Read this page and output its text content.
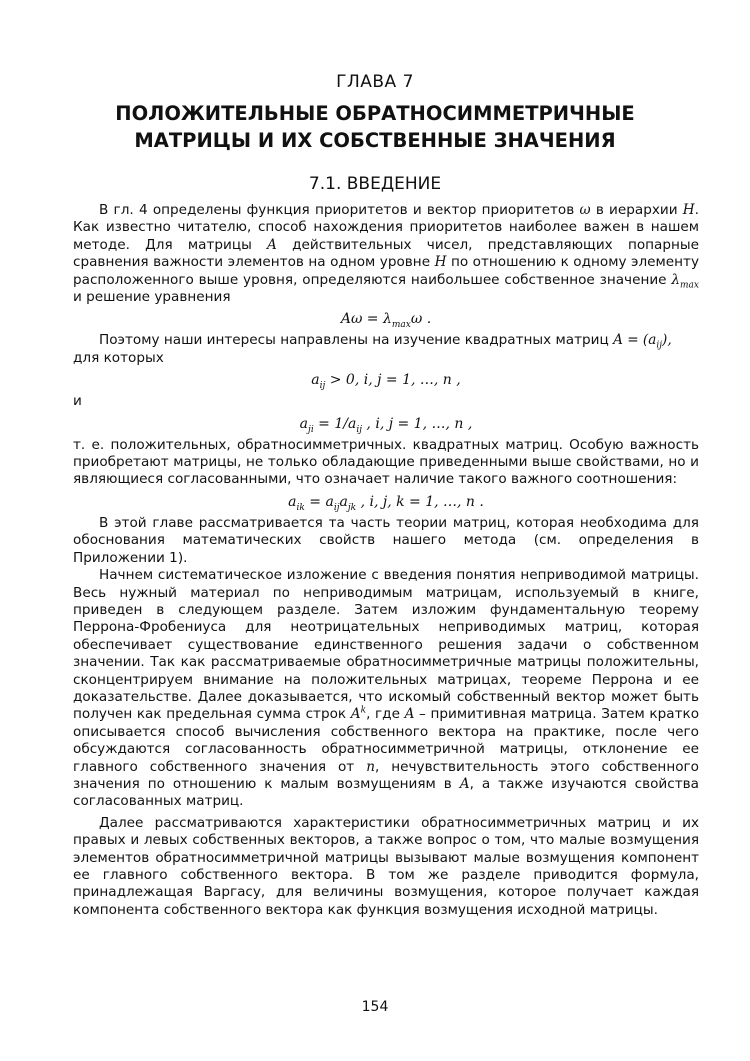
ГЛАВА 7
ПОЛОЖИТЕЛЬНЫЕ ОБРАТНОСИММЕТРИЧНЫЕ
МАТРИЦЫ И ИХ СОБСТВЕННЫЕ ЗНАЧЕНИЯ
7.1. ВВЕДЕНИЕ

В гл. 4 определены функция приоритетов и вектор приоритетов ω в иерархии H. Как известно читателю, способ нахождения приоритетов наиболее важен в нашем методе. Для матрицы A действительных чисел, представляющих попарные сравнения важности элементов на одном уровне H по отношению к одному элементу расположенного выше уровня, определяются наибольшее собственное значение $\lambda_{max}$ и решение уравнения

$A\omega = \lambda_{max}\omega$ .

Поэтому наши интересы направлены на изучение квадратных матриц $A = (a_{ij})$,
для которых

$a_{ij} > 0$, i, j = 1, …, n ,

и

$a_{ji} = 1/a_{ij}$ , i, j = 1, …, n ,

т. е. положительных, обратносимметричных. квадратных матриц. Особую важность приобретают матрицы, не только обладающие приведенными выше свойствами, но и являющиеся согласованными, что означает наличие такого важного соотношения:

$a_{ik} = a_{ij}a_{jk}$ , i, j, k = 1, …, n .

В этой главе рассматривается та часть теории матриц, которая необходима для обоснования математических свойств нашего метода (см. определения в Приложении 1).

Начнем систематическое изложение с введения понятия неприводимой матрицы. Весь нужный материал по неприводимым матрицам, используемый в книге, приведен в следующем разделе. Затем изложим фундаментальную теорему Перрона-Фробениуса для неотрицательных неприводимых матриц, которая обеспечивает существование единственного решения задачи о собственном значении. Так как рассматриваемые обратносимметричные матрицы положительны, сконцентрируем внимание на положительных матрицах, теореме Перрона и ее доказательстве. Далее доказывается, что искомый собственный вектор может быть получен как предельная сумма строк $A^k$, где A – примитивная матрица. Затем кратко описывается способ вычисления собственного вектора на практике, после чего обсуждаются согласованность обратносимметричной матрицы, отклонение ее главного собственного значения от n, нечувствительность этого собственного значения по отношению к малым возмущениям в A, а также изучаются свойства согласованных матриц.

Далее рассматриваются характеристики обратносимметричных матриц и их правых и левых собственных векторов, а также вопрос о том, что малые возмущения элементов обратносимметричной матрицы вызывают малые возмущения компонент ее главного собственного вектора. В том же разделе приводится формула, принадлежащая Варгасу, для величины возмущения, которое получает каждая компонента собственного вектора как функция возмущения исходной матрицы.

154
